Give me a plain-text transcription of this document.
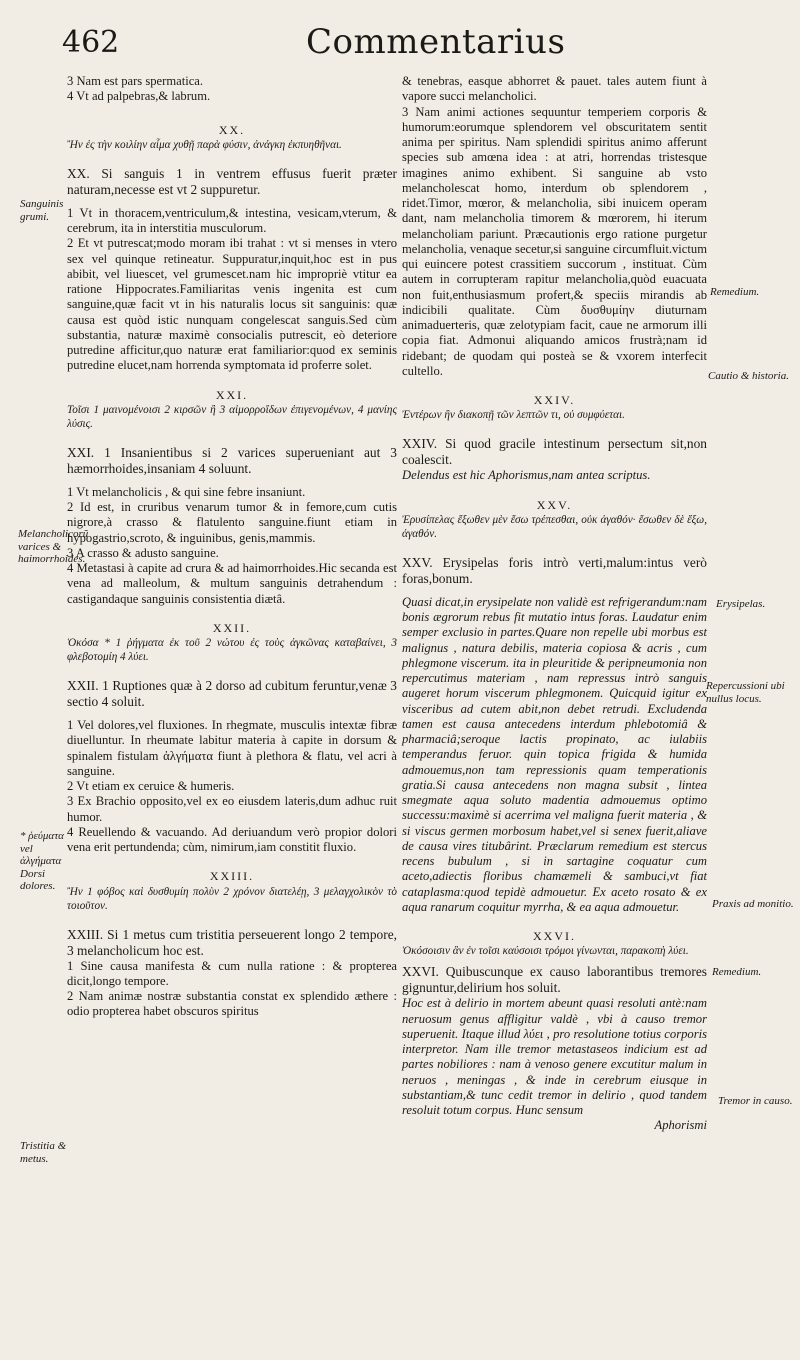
462	Commentarius

3 Nam est pars spermatica.

4 Vt ad palpebras,& labrum.

XX.

Ἢν ἐς τὴν κοιλίην αἷμα χυθῇ παρὰ φύσιν, ἀνάγκη ἐκπυηθῆναι.

XX. Si sanguis 1 in ventrem effusus fuerit præter naturam,necesse est vt 2 suppuretur.

1 Vt in thoracem,ventriculum,& intestina, vesicam,vterum, & cerebrum, ita in interstitia musculorum.

2 Et vt putrescat;modo moram ibi trahat : vt si menses in vtero sex vel quinque retineatur. Suppuratur,inquit,hoc est in pus abibit, vel liuescet, vel grumescet.nam hic impropriè vtitur ea ratione Hippocrates.Familiaritas venis ingenita est cum sanguine,quæ facit vt in his naturalis locus sit sanguinis: quæ causa est quòd istic nunquam congelescat sanguis.Sed cùm substantia, naturæ maximè consocialis putrescit, eò deteriore putredine afficitur,quo naturæ erat familiarior:quod ex seminis putredine elucet,nam horrenda symptomata id proferre solet.

XXI.

Τοῖσι 1 μαινομένοισι 2 κιρσῶν ἢ 3 αἱμορροΐδων ἐπιγενομένων, 4 μανίης λύσις.

XXI. 1 Insanientibus si 2 varices superueniant aut 3 hæmorrhoides,insaniam 4 soluunt.

1 Vt melancholicis , & qui sine febre insaniunt.

2 Id est, in cruribus venarum tumor & in femore,cum cutis nigrore,à crasso & flatulento sanguine.fiunt etiam in hypogastrio,scroto, & inguinibus, genis,mammis.

3 A crasso & adusto sanguine.

4 Metastasi à capite ad crura & ad haimorrhoides.Hic secanda est vena ad malleolum, & multum sanguinis detrahendum : castigandaque sanguinis consistentia diætâ.

XXII.

Ὁκόσα * 1 ῥήγματα ἐκ τοῦ 2 νώτου ἐς τοὺς ἀγκῶνας καταβαίνει, 3 φλεβοτομίη 4 λύει.

XXII. 1 Ruptiones quæ à 2 dorso ad cubitum feruntur,venæ 3 sectio 4 soluit.

1 Vel dolores,vel fluxiones. In rhegmate, musculis intextæ fibræ diuelluntur. In rheumate labitur materia à capite in dorsum & spinalem fistulam ἀλγήματα fiunt à plethora & flatu, vel acri à sanguine.

2 Vt etiam ex ceruice & humeris.

3 Ex Brachio opposito,vel ex eo eiusdem lateris,dum adhuc ruit humor.

4 Reuellendo & vacuando. Ad deriuandum verò propior dolori vena erit pertundenda; cùm, nimirum,iam constitit fluxio.

XXIII.

Ἢν 1 φόβος καὶ δυσθυμίη πολὺν 2 χρόνον διατελέῃ, 3 μελαγχολικὸν τὸ τοιοῦτον.

XXIII. Si 1 metus cum tristitia perseuerent longo 2 tempore, 3 melancholicum hoc est.

1 Sine causa manifesta & cum nulla ratione : & propterea dicit,longo tempore.

2 Nam animæ nostræ substantia constat ex splendido æthere : odio propterea habet obscuros spiritus

& tenebras, easque abhorret & pauet. tales autem fiunt à vapore succi melancholici.

3 Nam animi actiones sequuntur temperiem corporis & humorum:eorumque splendorem vel obscuritatem sentit anima per spiritus. Nam splendidi spiritus animo afferunt species sub amœna idea : at atri, horrendas tristesque imagines animo exhibent. Si sanguine ab vsto melancholescat homo, interdum ob splendorem , ridet.Timor, mœror, & melancholia, sibi inuicem operam dant, nam melancholia timorem & mœrorem, hi iterum melancholiam pariunt. Præcautionis ergo ratione purgetur melancholia, venaque secetur,si sanguine circumfluit.victum qui euincere potest crassitiem succorum , instituat. Cùm autem in corrupteram rapitur melancholia,quòd euacuata non fuit,enthusiasmum profert,& speciis mirandis ab indicibili qualitate. Cùm δυσθυμίην diuturnam animaduerteris, quæ zelotypiam facit, caue ne armorum illi copia fiat. Admonui aliquando amicos frustrà;nam id ridebant; de quodam qui posteà se & vxorem interfecit cultello.

XXIV.

Ἐντέρων ἢν διακοπῇ τῶν λεπτῶν τι, οὐ συμφύεται.

XXIV. Si quod gracile intestinum persectum sit,non coalescit.

Delendus est hic Aphorismus,nam antea scriptus.

XXV.

Ἐρυσίπελας ἔξωθεν μὲν ἔσω τρέπεσθαι, οὐκ ἀγαθόν· ἔσωθεν δὲ ἔξω, ἀγαθόν.

XXV. Erysipelas foris intrò verti,malum:intus verò foras,bonum.

Quasi dicat,in erysipelate non validè est refrigerandum:nam bonis ægrorum rebus fit mutatio intus foras. Laudatur enim semper exclusio in partes.Quare non repelle ubi morbus est malignus , natura debilis, materia copiosa & acris , cum phlegmone viscerum. ita in pleuritide & peripneumonia non repercutimus materiam , nam repressus intrò sanguis augeret horum viscerum phlegmonem. Quicquid igitur ex visceribus ad cutem abit,non debet retrudi. Excludenda tamen est causa antecedens interdum phlebotomiâ & pharmaciâ;seroque lactis propinato, ac iulabiis temperandus feruor. quin topica frigida & humida admouemus,non tam repressionis quam temperationis gratia.Si causa antecedens non magna subsit , lintea smegmate aqua soluto madentia admouemus optimo successu:maximè si acerrima vel maligna fuerit materia , & si viscus germen morbosum habet,vel si senex fuerit,aliave de causa vires titubârint. Præclarum remedium est stercus recens bubulum , si in sartagine coquatur cum aceto,adiectis floribus chamæmeli & sambuci,vt fiat cataplasma:quod tepidè admouetur. Ex aceto rosato & ex aqua ranarum coquitur myrrha, & ea aqua admouetur.

XXVI.

Ὁκόσοισιν ἂν ἐν τοῖσι καύσοισι τρόμοι γίνωνται, παρακοπὴ λύει.

XXVI. Quibuscunque ex causo laborantibus tremores gignuntur,delirium hos soluit.

Hoc est à delirio in mortem abeunt quasi resoluti antè:nam neruosum genus affligitur valdè , vbi à causo tremor superuenit. Itaque illud λύει , pro resolutione totius corporis interpretor. Nam ille tremor metastaseos indicium est ad partes nobiliores : nam à venoso genere excutitur malum in neruos , meningas , & inde in cerebrum eiusque in substantiam,& tunc cedit tremor in delirio , quod tandem resoluit totum corpus. Hunc sensum

Aphorismi

Sanguinis grumi.
Melancholicorũ varices & haimorrhoides.
* ῥεύματα vel ἀλγήματα Dorsi dolores.
Tristitia & metus.
Remedium.
Cautio & historia.
Erysipelas.
Repercussioni ubi nullus locus.
Praxis ad monitio.
Remedium.
Tremor in causo.
